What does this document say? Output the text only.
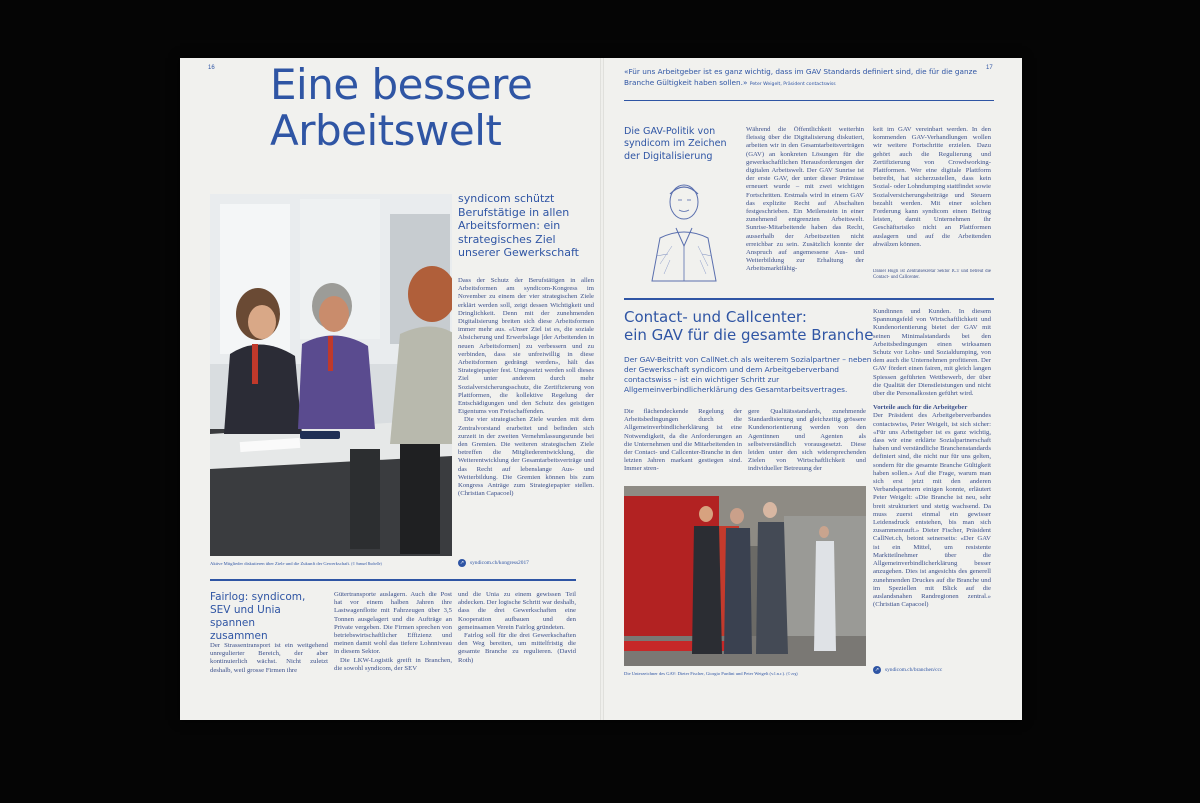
16 Eine bessere
Arbeitswelt
Aktive Mitglieder diskutieren über Ziele und die Zukunft der Gewerkschaft. (© Samuel Buchelle)
syndicom schützt Berufstätige in allen Arbeitsformen: ein strategisches Ziel unserer Gewerkschaft

Dass der Schutz der Berufstätigen in allen Arbeitsformen am syndicom-Kongress im November zu einem der vier strategischen Ziele erklärt werden soll, zeigt dessen Wichtigkeit und Dringlichkeit. Denn mit der zunehmenden Digitalisierung breiten sich diese Arbeitsformen immer mehr aus. «Unser Ziel ist es, die soziale Absicherung und Erwerbslage [der Arbeitenden in neuen Arbeitsformen] zu verbessern und zu verbinden, dass sie unfreiwillig in diese Arbeitsformen gedrängt werden», hält das Strategiepapier fest. Umgesetzt werden soll dieses Ziel unter anderem durch mehr Sozialversicherungsschutz, die Zertifizierung von Plattformen, die kollektive Regelung der Entschädigungen und den Schutz des geistigen Eigentums von Freischaffenden.

Die vier strategischen Ziele wurden mit dem Zentralvorstand erarbeitet und befinden sich zurzeit in der zweiten Vernehmlassungsrunde bei den Gremien. Die weiteren strategischen Ziele betreffen die Mitgliederentwicklung, die Weiterentwicklung der Gesamtarbeitsverträge und das Recht auf lebenslange Aus- und Weiterbildung. Die Gremien können bis zum Kongress Anträge zum Strategiepapier stellen. (Christian Capacoel)

↗	syndicom.ch/kongress2017
Fairlog: syndicom, SEV und Unia spannen zusammen

Der Strassentransport ist ein weitgehend unregulierter Bereich, der aber kontinuierlich wächst. Nicht zuletzt deshalb, weil grosse Firmen ihre

Gütertransporte auslagern. Auch die Post hat vor einem halben Jahren ihre Lastwagenflotte mit Fahrzeugen über 3,5 Tonnen ausgelagert und die Aufträge an Private vergeben. Die Firmen sprechen von betriebswirtschaftlicher Effizienz und meinen damit wohl das tiefere Lohnniveau in diesem Sektor.

Die LKW-Logistik greift in Branchen, die sowohl syndicom, der SEV

und die Unia zu einem gewissen Teil abdecken. Der logische Schritt war deshalb, dass die drei Gewerkschaften eine Kooperation aufbauen und den gemeinsamen Verein Fairlog gründeten.

Fairlog soll für die drei Gewerkschaften den Weg bereiten, um mittelfristig die gesamte Branche zu regulieren. (David Roth)

17
«Für uns Arbeitgeber ist es ganz wichtig, dass im GAV Standards definiert sind, die für die ganze Branche Gültigkeit haben sollen.» Peter Weigelt, Präsident contactswiss
Die GAV-Politik von syndicom im Zeichen der Digitalisierung

Während die Öffentlichkeit weiterhin fleissig über die Digitalisierung diskutiert, arbeiten wir in den Gesamtarbeitsverträgen (GAV) an konkreten Lösungen für die gewerkschaftlichen Herausforderungen der digitalen Arbeitswelt. Der GAV Sunrise ist der erste GAV, der unter dieser Prämisse erneuert wurde – mit zwei wichtigen Fortschritten. Erstmals wird in einem GAV das explizite Recht auf Abschalten festgeschrieben. Ein Meilenstein in einer zunehmend entgrenzten Arbeitswelt. Sunrise-Mitarbeitende haben das Recht, ausserhalb der Arbeitszeiten nicht erreichbar zu sein. Zusätzlich konnte der Anspruch auf angemessene Aus- und Weiterbildung zur Erhaltung der Arbeitsmarktfähig-

keit im GAV vereinbart werden. In den kommenden GAV-Verhandlungen wollen wir weitere Fortschritte erzielen. Dazu gehört auch die Regulierung und Zertifizierung von Crowdworking-Plattformen. Wer eine digitale Plattform betreibt, hat sicherzustellen, dass kein Sozial- oder Lohndumping stattfindet sowie Sozialversicherungsbeiträge und Steuern bezahlt werden. Mit einer solchen Forderung kann syndicom einen Beitrag leisten, damit Unternehmen ihr Geschäftsrisiko nicht an Plattformen auslagern und auf die Arbeitenden abwälzen können.

Daniel Hügli ist Zentralsekretär Sektor ICT und betreut die Contact- und Callcenter.
Contact- und Callcenter:
ein GAV für die gesamte Branche
Der GAV-Beitritt von CallNet.ch als weiterem Sozialpartner – neben der Gewerkschaft syndicom und dem Arbeitgeberverband contactswiss – ist ein wichtiger Schritt zur Allgemeinverbindlicherklärung des Gesamtarbeitsvertrages.

Die flächendeckende Regelung der Arbeitsbedingungen durch die Allgemeinverbindlicherklärung ist eine Notwendigkeit, da die Anforderungen an die Unternehmen und die Mitarbeitenden in der Contact- und Callcenter-Branche in den letzten Jahren markant gestiegen sind. Immer stren-

gere Qualitätsstandards, zunehmende Standardisierung und gleichzeitig grössere Kundenorientierung werden von den Agentinnen und Agenten als selbstverständlich vorausgesetzt. Diese leiden unter den sich widersprechenden Zielen von Wirtschaftlichkeit und individueller Betreuung der

Kundinnen und Kunden. In diesem Spannungsfeld von Wirtschaftlichkeit und Kundenorientierung bietet der GAV mit seinen Minimalstandards bei den Arbeitsbedingungen einen wirksamen Schutz vor Lohn- und Sozialdumping, von dem auch die Unternehmen profitieren. Der GAV fördert einen fairen, mit gleich langen Spiessen geführten Wettbewerb, der über die Qualität der Dienstleistungen und nicht über die Personalkosten geführt wird.

Vorteile auch für die Arbeitgeber

Der Präsident des Arbeitgeberverbandes contactswiss, Peter Weigelt, ist sich sicher: «Für uns Arbeitgeber ist es ganz wichtig, dass wir eine erklärte Sozialpartnerschaft haben und verständliche Branchenstandards definiert sind, die nicht nur für uns gelten, sondern für die gesamte Branche Gültigkeit haben sollen.» Auf die Frage, warum man sich erst jetzt mit den anderen Verbandspartnern einigen konnte, erläutert Peter Weigelt: «Die Branche ist neu, sehr breit strukturiert und stetig wachsend. Da muss zuerst einmal ein gewisser Leidensdruck entstehen, bis man sich zusammenrauft.» Dieter Fischer, Präsident CallNet.ch, betont seinerseits: «Der GAV ist ein Mittel, um resistente Marktteilnehmer über die Allgemeinverbindlicherklärung besser anzugehen. Dies ist angesichts des generell zunehmenden Druckes auf die Branche und im Speziellen mit Blick auf die auslandsnahen Randregionen zentral.» (Christian Capacoel)

Die Unterzeichner des GAV: Dieter Fischer, Giorgio Pardini und Peter Weigelt (v.l.n.r.). (© zvg)
↗	syndicom.ch/branchen/ccc
